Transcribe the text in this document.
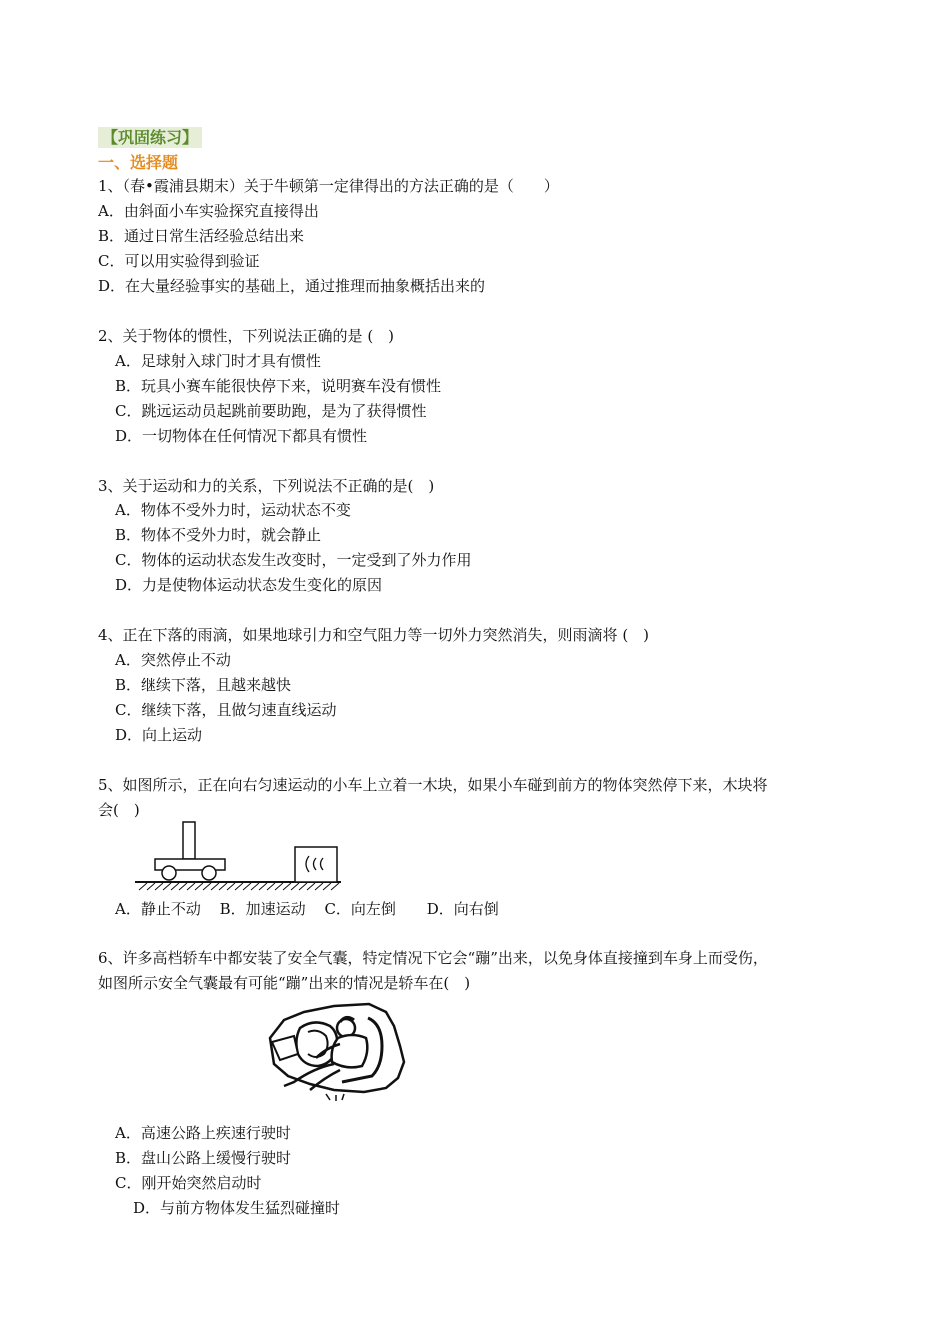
【巩固练习】
一、选择题
1、（春•霞浦县期末）关于牛顿第一定律得出的方法正确的是（　　）
A．由斜面小车实验探究直接得出
B．通过日常生活经验总结出来
C．可以用实验得到验证
D．在大量经验事实的基础上，通过推理而抽象概括出来的
2、关于物体的惯性，下列说法正确的是 (　)
A．足球射入球门时才具有惯性
B．玩具小赛车能很快停下来，说明赛车没有惯性
C．跳远运动员起跳前要助跑，是为了获得惯性
D．一切物体在任何情况下都具有惯性
3、关于运动和力的关系，下列说法不正确的是(　)
A．物体不受外力时，运动状态不变
B．物体不受外力时，就会静止
C．物体的运动状态发生改变时，一定受到了外力作用
D．力是使物体运动状态发生变化的原因
4、正在下落的雨滴，如果地球引力和空气阻力等一切外力突然消失，则雨滴将 (　)
A．突然停止不动
B．继续下落，且越来越快
C．继续下落，且做匀速直线运动
D．向上运动
5、如图所示，正在向右匀速运动的小车上立着一木块，如果小车碰到前方的物体突然停下来，木块将
会(　)
A．静止不动 B．加速运动 C．向左倒 D．向右倒
6、许多高档轿车中都安装了安全气囊，特定情况下它会“蹦”出来，以免身体直接撞到车身上而受伤，
如图所示安全气囊最有可能“蹦”出来的情况是轿车在(　)
A．高速公路上疾速行驶时
B．盘山公路上缓慢行驶时
C．刚开始突然启动时
D．与前方物体发生猛烈碰撞时
